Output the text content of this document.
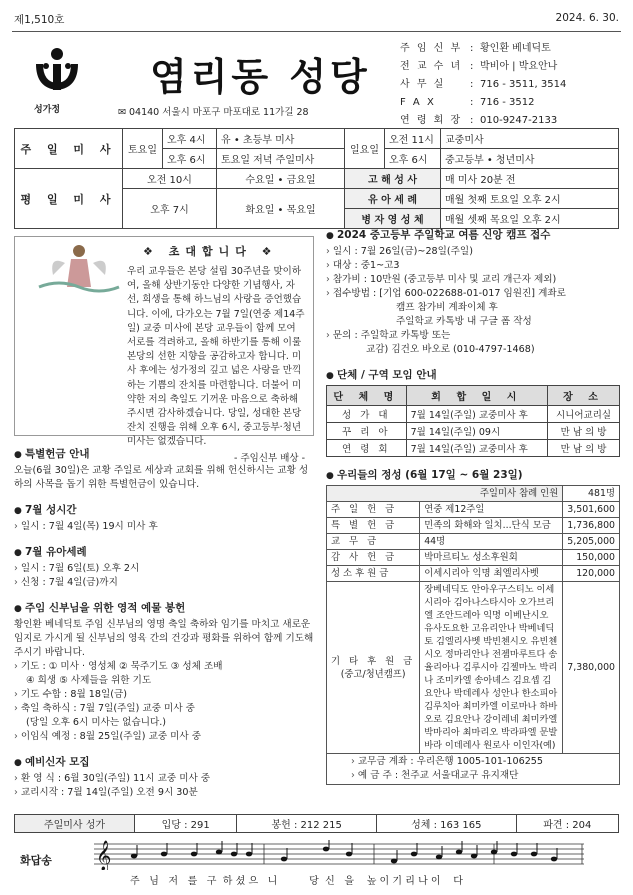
제1,510호	2024. 6. 30.
성가정
염리동 성당
✉ 04140 서울시 마포구 마포대로 11가길 28
주 임 신 부 : 황인환 베네딕토
전 교 수 녀 : 박비아 | 박요안나
사 무 실	: 716 - 3511, 3514
F A X	: 716 - 3512
연 령 회 장 : 010-9247-2133
주 일 미 사	토요일	오후 4시	유 • 초등부 미사	일요일	오전 11시	교중미사
		오후 6시	토요일 저녁 주일미사		오후 6시	중고등부 • 청년미사
평 일 미 사	오전 10시		수요일 • 금요일	고 해 성 사		매 미사 20분 전
	오후 7시		화요일 • 목요일	유 아 세 례		매월 첫째 토요일 오후 2시
				병 자 영 성 체		매월 셋째 목요일 오후 2시
❖ 초대합니다 ❖
우리 교우들은 본당 설립 30주년을 맞이하여, 올해 상반기동안 다양한 기념행사, 자선, 희생을 통해 하느님의 사랑을 증언했습니다. 이에, 다가오는 7월 7일(연중 제14주일) 교중 미사에 본당 교우들이 함께 모여 서로를 격려하고, 올해 하반기를 통해 이룰 본당의 선한 지향을 공감하고자 합니다. 미사 후에는 성가정의 깊고 넓은 사랑을 만끽하는 기쁨의 잔치를 마련합니다. 더불어 미약한 저의 축일도 기꺼운 마음으로 축하해 주시면 감사하겠습니다. 당일, 성대한 본당 잔치 진행을 위해 오후 6시, 중고등부·청년 미사는 없겠습니다.
- 주임신부 배상 -
● 특별헌금 안내
오늘(6월 30일)은 교황 주일로 세상과 교회를 위해 헌신하시는 교황 성하의 사목을 돕기 위한 특별헌금이 있습니다.
● 7월 성시간
› 일시 : 7월 4일(목) 19시 미사 후
● 7월 유아세례
› 일시 : 7월 6일(토) 오후 2시
› 신청 : 7월 4일(금)까지
● 주임 신부님을 위한 영적 예물 봉헌
황인환 베네딕토 주임 신부님의 영명 축일 축하와 임기를 마치고 새로운 임지로 가시게 될 신부님의 영육 간의 건강과 평화를 위하여 함께 기도해 주시기 바랍니다.
› 기도 : ① 미사 · 영성체 ② 묵주기도 ③ 성체 조배
④ 희생 ⑤ 사제들을 위한 기도
› 기도 수합 : 8월 18일(금)
› 축일 축하식 : 7월 7일(주일) 교중 미사 중
(당일 오후 6시 미사는 없습니다.)
› 이임식 예정 : 8월 25일(주일) 교중 미사 중
● 예비신자 모집
› 환 영 식 : 6월 30일(주일) 11시 교중 미사 중
› 교리시작 : 7월 14일(주일) 오전 9시 30분
● 2024 중고등부 주일학교 여름 신앙 캠프 접수
› 일시 : 7월 26일(금)~28일(주일)
› 대상 : 중1~고3
› 참가비 : 10만원 (중고등부 미사 및 교리 개근자 제외)
› 접수방법 : [기업 600-022688-01-017 임원진] 계좌로
캠프 참가비 계좌이체 후
주일학교 카톡방 내 구글 폼 작성
› 문의 : 주일학교 카톡방 또는
교감) 김건오 바오로 (010-4797-1468)
● 단체 / 구역 모임 안내
단 체 명	회 합 일 시	장 소
성 가 대	7월 14일(주일) 교중미사 후	시니어교리실
꾸 리 아	7월 14일(주일) 09시	만 남 의 방
연 령 회	7월 14일(주일) 교중미사 후	만 남 의 방
● 우리들의 정성 (6월 17일 ~ 6월 23일)
주일미사 참례 인원		481명
주 일 헌 금	연중 제12주일	3,501,600
특 별 헌 금	민족의 화해와 일치...단식 모금	1,736,800
교 무 금	44명	5,205,000
감 사 헌 금	박마르티노 성소후원회	150,000
성소후원금	이세시리아 익명 최엘리사벳	120,000

기 타 후 원 금
(중고/청년캠프)	장베네딕도 안아우구스티노 이세시리아 김아나스타시아 오가브리엘 조안드레아 익명 이베난시오 유사도요한 고유리안나 박베네딕토 김엘리사벳 박빈첸시오 유빈첸시오 정마리안나 전젬마루트다 송율리아나 김루시아 김젤마노 박리나 조미카엘 송아녜스 김요셉 김요안나 박데레사 성안나 한소피아 김루치아 최미카엘 이로마나 하바오로 김요안나 강이레네 최미카엘 박마리아 최마리오 박라파엘 문발바라 이데레사 원로사 이인자(예)	7,380,000

› 교무금 계좌 : 우리은행 1005-101-106255
› 예 금 주 : 천주교 서울대교구 유지재단
주일미사 성가	입당 : 291	봉헌 : 212 215	성체 : 163 165	파견 : 204
화답송 𝄞
주   님   저   를   구  하 셨 으   니          당  신   을    높 이 기 리 나 이    다
